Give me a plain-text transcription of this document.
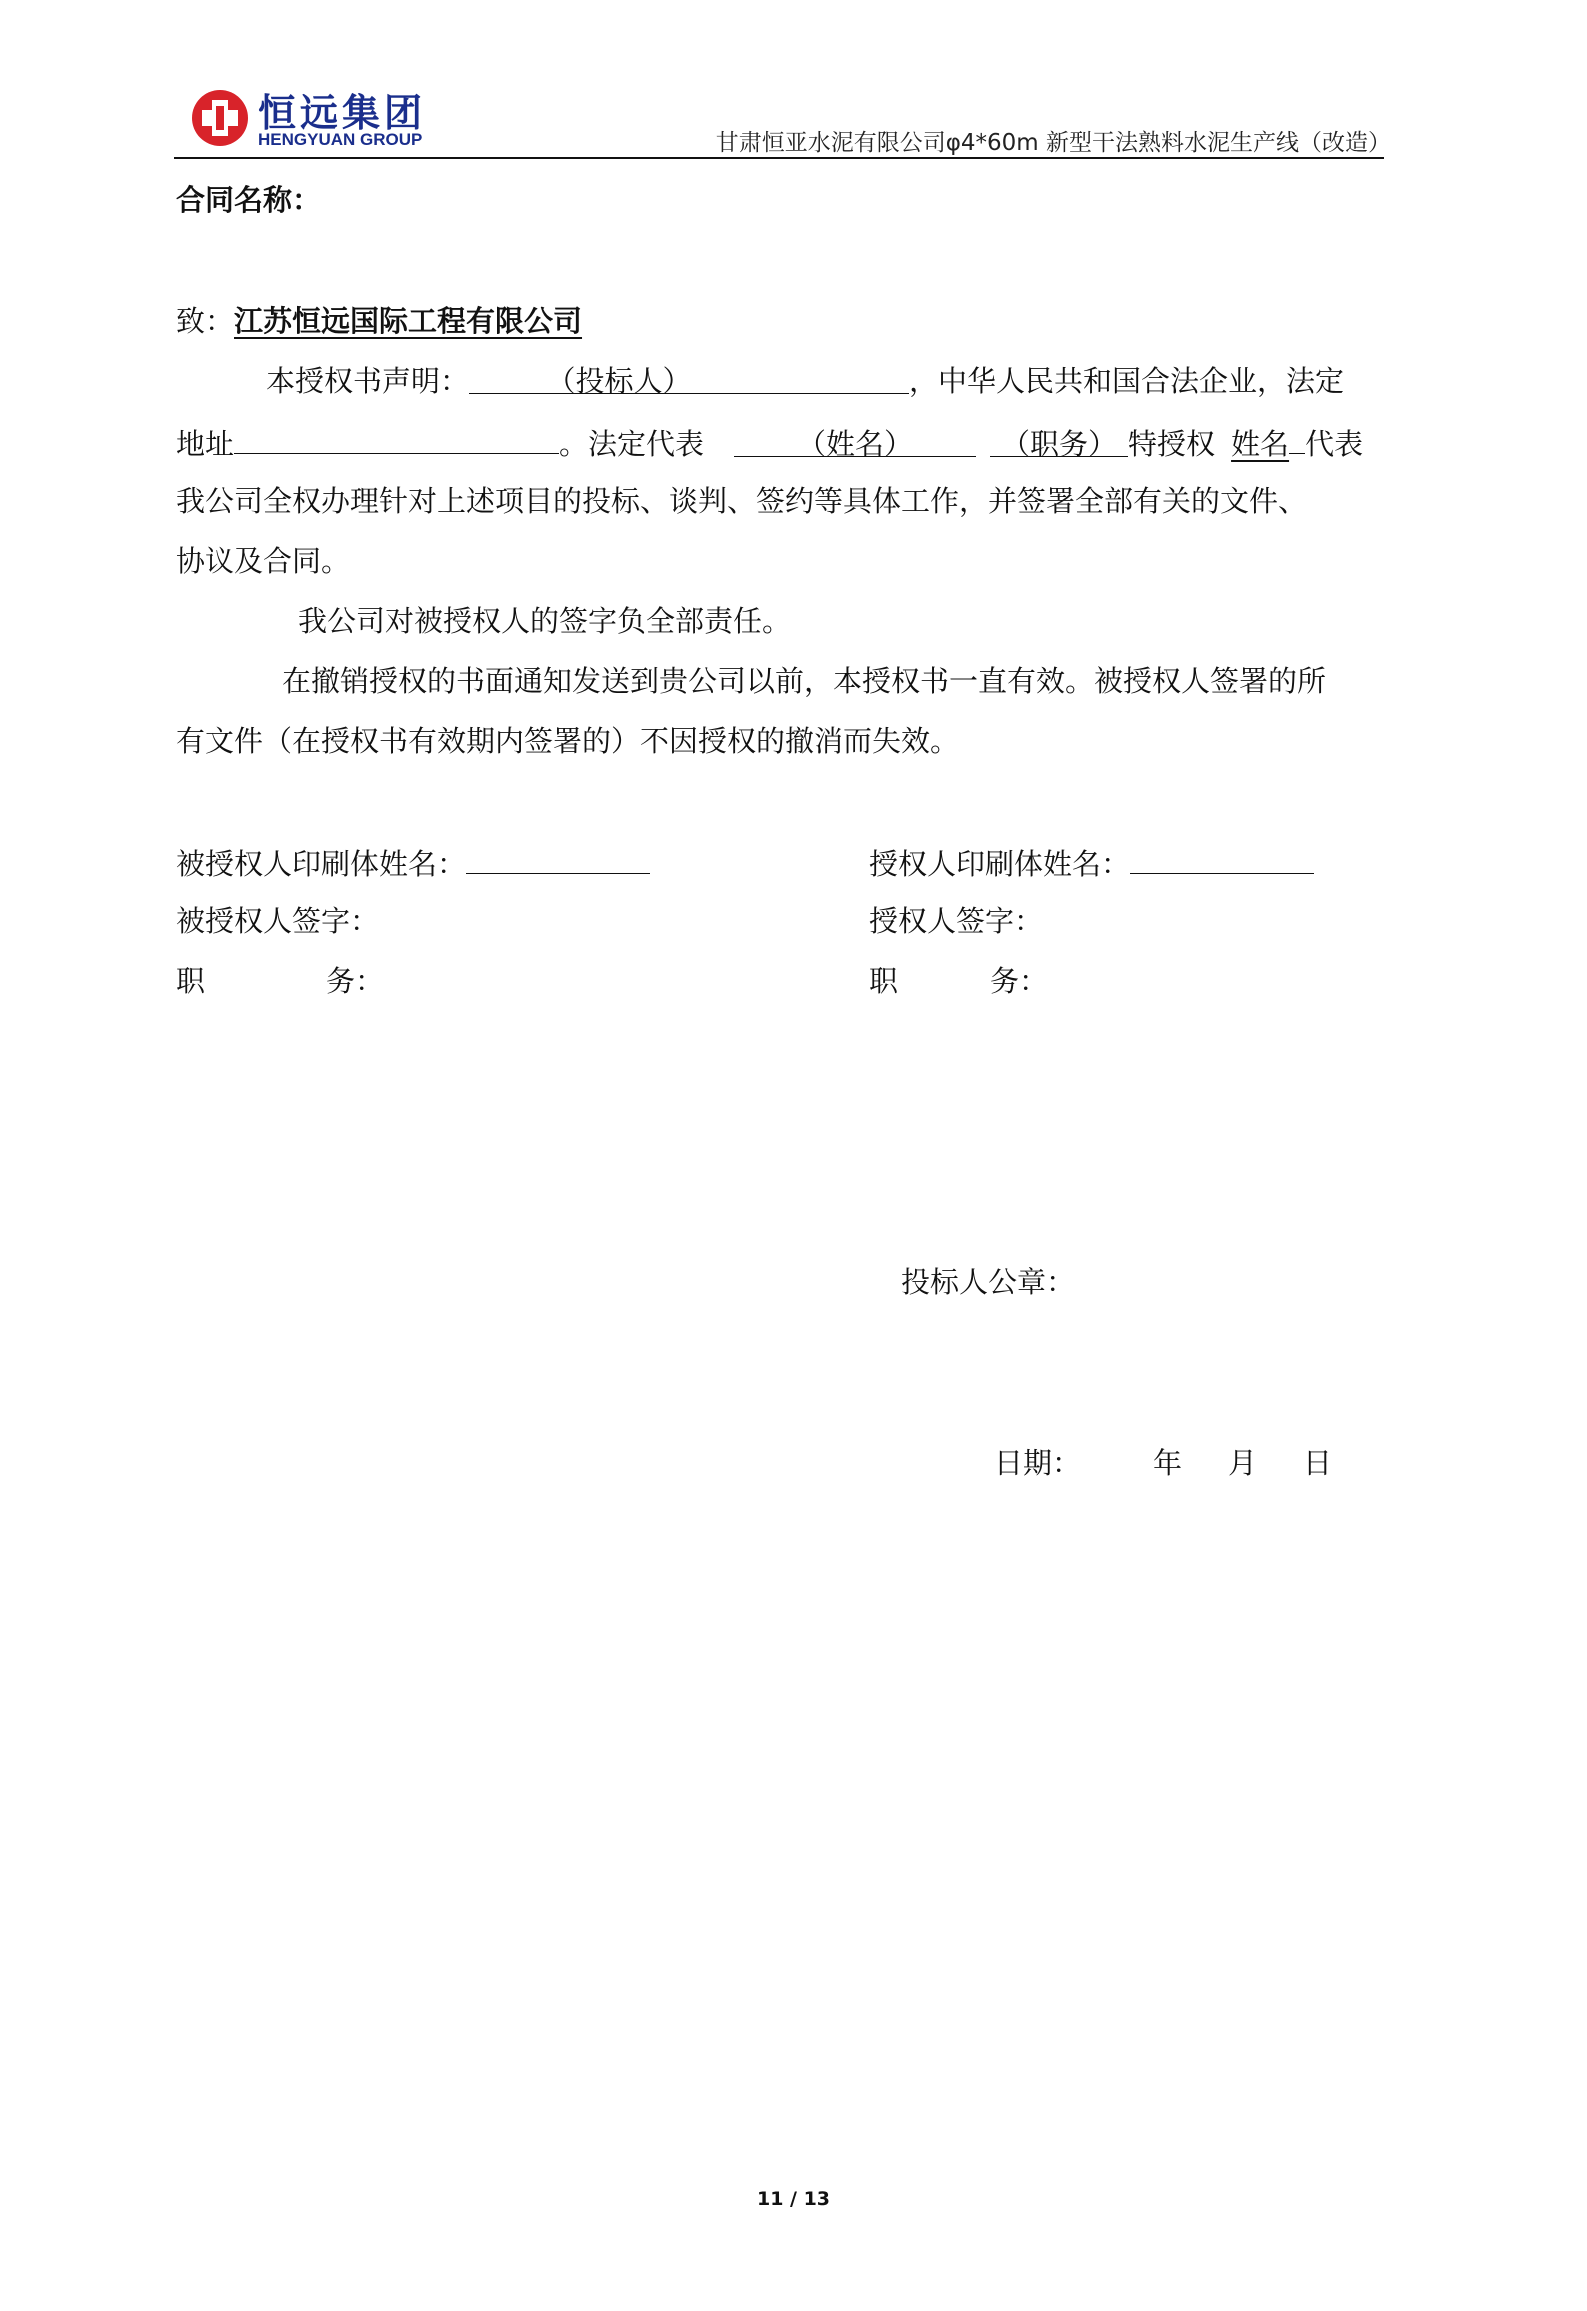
恒远集团
HENGYUAN GROUP	甘肃恒亚水泥有限公司φ4*60m 新型干法熟料水泥生产线（改造）
合同名称：
致：江苏恒远国际工程有限公司
本授权书声明：	（投标人）	，中华人民共和国合法企业，法定
地址	。法定代表	（姓名）	（职务） 特授权 姓名 代表
我公司全权办理针对上述项目的投标、谈判、签约等具体工作，并签署全部有关的文件、
协议及合同。
我公司对被授权人的签字负全部责任。
在撤销授权的书面通知发送到贵公司以前，本授权书一直有效。被授权人签署的所
有文件（在授权书有效期内签署的）不因授权的撤消而失效。
被授权人印刷体姓名：
被授权人签字：
职	务：
授权人印刷体姓名：
授权人签字：
职	务：
投标人公章：
日期： 年 月 日
11 / 13
